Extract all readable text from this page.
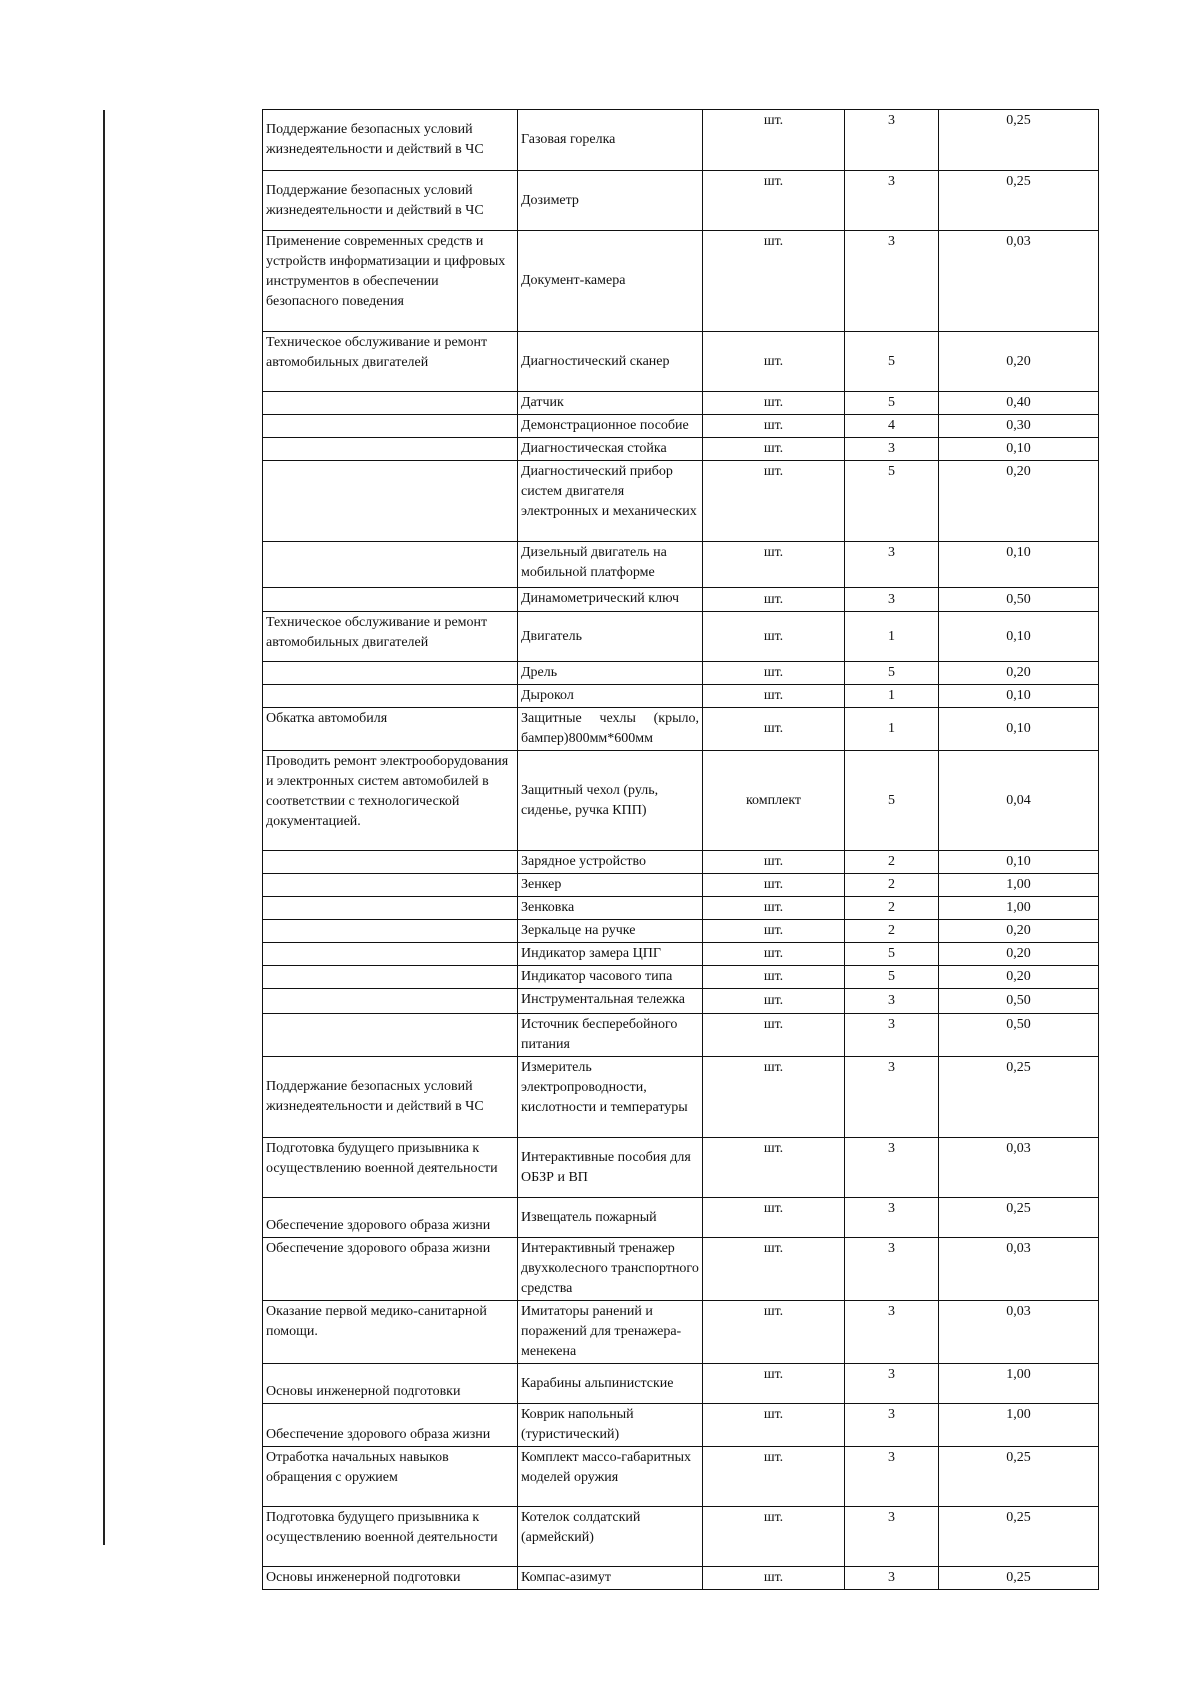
Поддержание безопасных условий жизнедеятельности и действий в ЧС	Газовая горелка	шт.	3	0,25
Поддержание безопасных условий жизнедеятельности и действий в ЧС	Дозиметр	шт.	3	0,25
Применение современных средств и устройств информатизации и цифровых инструментов в обеспечении безопасного поведения	Документ-камера	шт.	3	0,03
Техническое обслуживание и ремонт автомобильных двигателей	Диагностический сканер	шт.	5	0,20
	Датчик	шт.	5	0,40
	Демонстрационное пособие	шт.	4	0,30
	Диагностическая стойка	шт.	3	0,10
	Диагностический прибор систем двигателя электронных и механических	шт.	5	0,20
	Дизельный двигатель на мобильной платформе	шт.	3	0,10
	Динамометрический ключ	шт.	3	0,50
Техническое обслуживание и ремонт автомобильных двигателей	Двигатель	шт.	1	0,10
	Дрель	шт.	5	0,20
	Дырокол	шт.	1	0,10
Обкатка автомобиля	Защитные чехлы (крыло, бампер)800мм*600мм	шт.	1	0,10
Проводить ремонт электрооборудования и электронных систем автомобилей в соответствии с технологической документацией.	Защитный чехол (руль, сиденье, ручка КПП)	комплект	5	0,04
	Зарядное устройство	шт.	2	0,10
	Зенкер	шт.	2	1,00
	Зенковка	шт.	2	1,00
	Зеркальце на ручке	шт.	2	0,20
	Индикатор замера ЦПГ	шт.	5	0,20
	Индикатор часового типа	шт.	5	0,20
	Инструментальная тележка	шт.	3	0,50
	Источник бесперебойного питания	шт.	3	0,50
Поддержание безопасных условий жизнедеятельности и действий в ЧС	Измеритель электропроводности, кислотности и температуры	шт.	3	0,25
Подготовка будущего призывника к осуществлению военной деятельности	Интерактивные пособия для ОБЗР и ВП	шт.	3	0,03
Обеспечение здорового образа жизни	Извещатель пожарный	шт.	3	0,25
Обеспечение здорового образа жизни	Интерактивный тренажер двухколесного транспортного средства	шт.	3	0,03
Оказание первой медико-санитарной помощи.	Имитаторы ранений и поражений для тренажера-менекена	шт.	3	0,03
Основы инженерной подготовки	Карабины альпинистские	шт.	3	1,00
Обеспечение здорового образа жизни	Коврик напольный (туристический)	шт.	3	1,00
Отработка начальных навыков обращения с оружием	Комплект массо-габаритных моделей оружия	шт.	3	0,25
Подготовка будущего призывника к осуществлению военной деятельности	Котелок солдатский (армейский)	шт.	3	0,25
Основы инженерной подготовки	Компас-азимут	шт.	3	0,25
